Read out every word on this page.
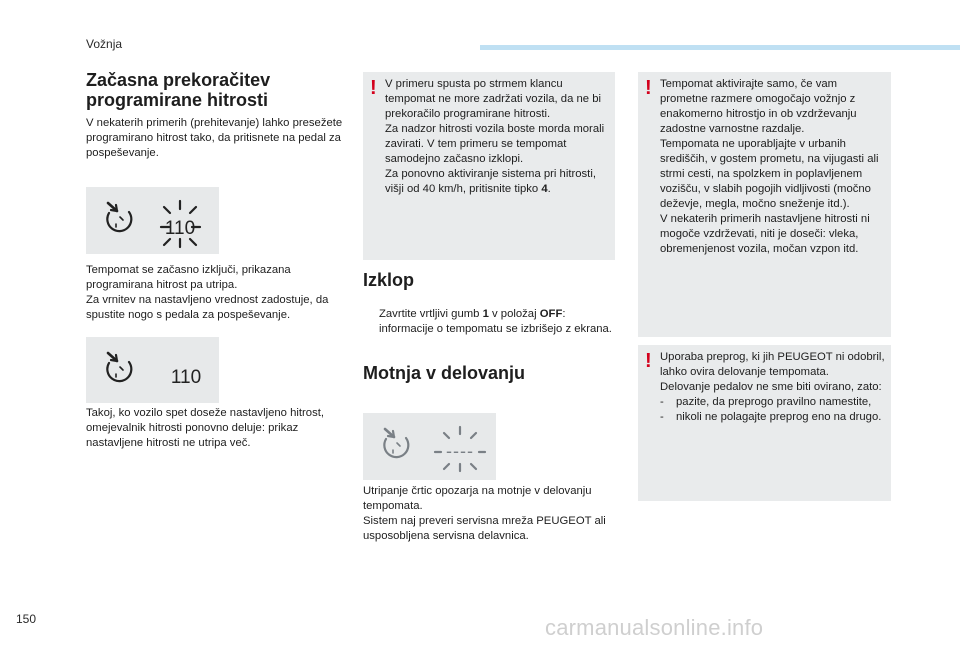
Vožnja
Začasna prekoračitev programirane hitrosti

V nekaterih primerih (prehitevanje) lahko presežete programirano hitrost tako, da pritisnete na pedal za pospeševanje.

110

Tempomat se začasno izključi, prikazana programirana hitrost pa utripa.
Za vrnitev na nastavljeno vrednost zadostuje, da spustite nogo s pedala za pospeševanje.

110

Takoj, ko vozilo spet doseže nastavljeno hitrost, omejevalnik hitrosti ponovno deluje: prikaz nastavljene hitrosti ne utripa več.

! V primeru spusta po strmem klancu tempomat ne more zadržati vozila, da ne bi prekoračilo programirane hitrosti.
Za nadzor hitrosti vozila boste morda morali zavirati. V tem primeru se tempomat samodejno začasno izklopi.
Za ponovno aktiviranje sistema pri hitrosti, višji od 40 km/h, pritisnite tipko 4.

Izklop

Zavrtite vrtljivi gumb 1 v položaj OFF: informacije o tempomatu se izbrišejo z ekrana.

Motnja v delovanju
----

Utripanje črtic opozarja na motnje v delovanju tempomata.
Sistem naj preveri servisna mreža PEUGEOT ali usposobljena servisna delavnica.

! Tempomat aktivirajte samo, če vam prometne razmere omogočajo vožnjo z enakomerno hitrostjo in ob vzdrževanju zadostne varnostne razdalje.
Tempomata ne uporabljajte v urbanih središčih, v gostem prometu, na vijugasti ali strmi cesti, na spolzkem in poplavljenem vozišču, v slabih pogojih vidljivosti (močno deževje, megla, močno sneženje itd.).
V nekaterih primerih nastavljene hitrosti ni mogoče vzdrževati, niti je doseči: vleka, obremenjenost vozila, močan vzpon itd.

! Uporaba preprog, ki jih PEUGEOT ni odobril, lahko ovira delovanje tempomata.
Delovanje pedalov ne sme biti ovirano, zato:

-	pazite, da preprogo pravilno namestite,
-	nikoli ne polagajte preprog eno na drugo.
150	carmanualsonline.info
